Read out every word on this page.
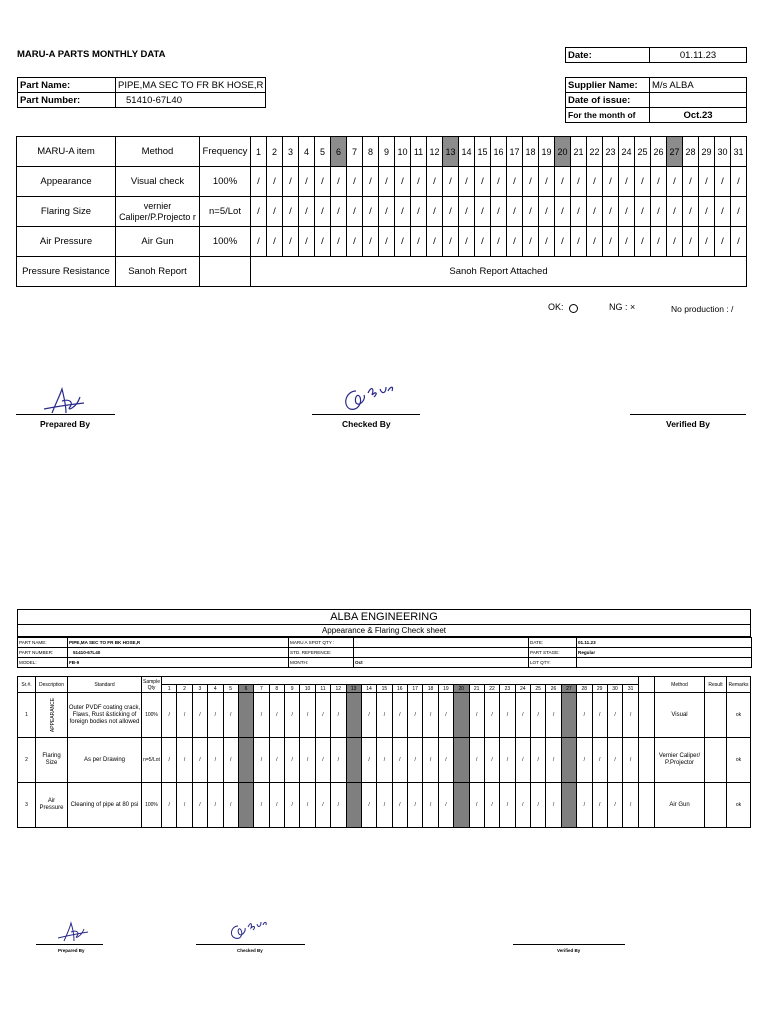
MARU-A PARTS MONTHLY DATA	Date:	01.11.23
Part Name:	PIPE,MA SEC TO FR BK HOSE,R
Part Number:	51410-67L40
Supplier Name:	M/s ALBA
Date of issue:	
For the month of	Oct.23
MARU-A item	Method	Frequency	1	2	3	4	5	6	7	8	9	10	11	12	13	14	15	16	17	18	19	20	21	22	23	24	25	26	27	28	29	30	31
Appearance	Visual check	100%	/	/	/	/	/	/	/	/	/	/	/	/	/	/	/	/	/	/	/	/	/	/	/	/	/	/	/	/	/	/	/
Flaring Size	vernier Caliper/P.Projecto r	n=5/Lot	/	/	/	/	/	/	/	/	/	/	/	/	/	/	/	/	/	/	/	/	/	/	/	/	/	/	/	/	/	/	/
Air Pressure	Air Gun	100%	/	/	/	/	/	/	/	/	/	/	/	/	/	/	/	/	/	/	/	/	/	/	/	/	/	/	/	/	/	/	/
Pressure Resistance	Sanoh Report		Sanoh Report Attached																														
OK:	NG : ×	No production : /
Prepared By	Checked By	Verified By
ALBA ENGINEERING
Appearance & Flaring Check sheet
PART NAME:	PIPE,MA SEC TO FR BK HOSE,R	MARU A SPOT QTY :		DATE:	01.11.23
PART NUMBER:	51410-67L40	STD. REFERENCE:		PART STAGE:	Regular
MODEL:	FB-9	MONTH:	Oct	LOT QTY:	
Sr.#.	Description	Standard	Sample Qty																																	Method	Result	Remarks
				1	2	3	4	5	6	7	8	9	10	11	12	13	14	15	16	17	18	19	20	21	22	23	24	25	26	27	28	29	30	31				
1	APPEARANCE	Outer PVDF coating crack, Flaws, Rust &sticking of foreign bodies not allowed	100%	/	/	/	/	/		/	/	/	/	/	/		/	/	/	/	/	/		/	/	/	/	/	/		/	/	/	/		Visual		ok
2	Flaring Size	As per Drawing	n=5/Lot	/	/	/	/	/		/	/	/	/	/	/		/	/	/	/	/	/		/	/	/	/	/	/		/	/	/	/		Vernier Caliper/ P.Projector		ok
3	Air Pressure	Cleaning of pipe at 80 psi	100%	/	/	/	/	/		/	/	/	/	/	/		/	/	/	/	/	/		/	/	/	/	/	/		/	/	/	/		Air Gun		ok
Prepared By	Checked By	Verified By
